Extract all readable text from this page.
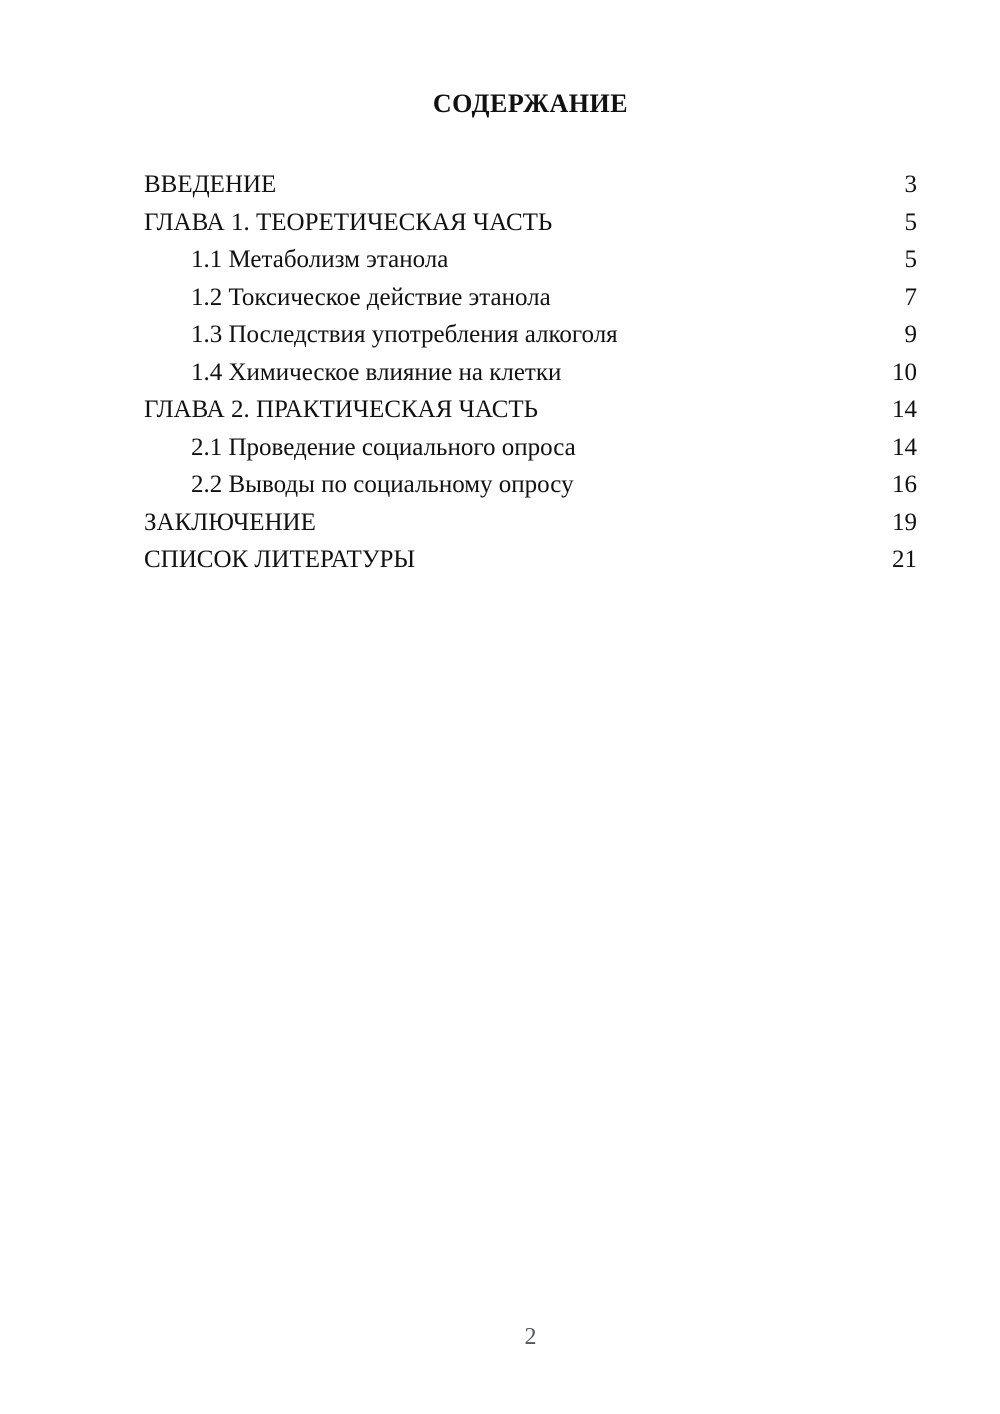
СОДЕРЖАНИЕ
ВВЕДЕНИЕ	3
ГЛАВА 1. ТЕОРЕТИЧЕСКАЯ ЧАСТЬ	5
1.1 Метаболизм этанола	5
1.2 Токсическое действие этанола	7
1.3 Последствия употребления алкоголя	9
1.4 Химическое влияние на клетки	10
ГЛАВА 2. ПРАКТИЧЕСКАЯ ЧАСТЬ	14
2.1 Проведение социального опроса	14
2.2 Выводы по социальному опросу	16
ЗАКЛЮЧЕНИЕ	19
СПИСОК ЛИТЕРАТУРЫ	21
2
